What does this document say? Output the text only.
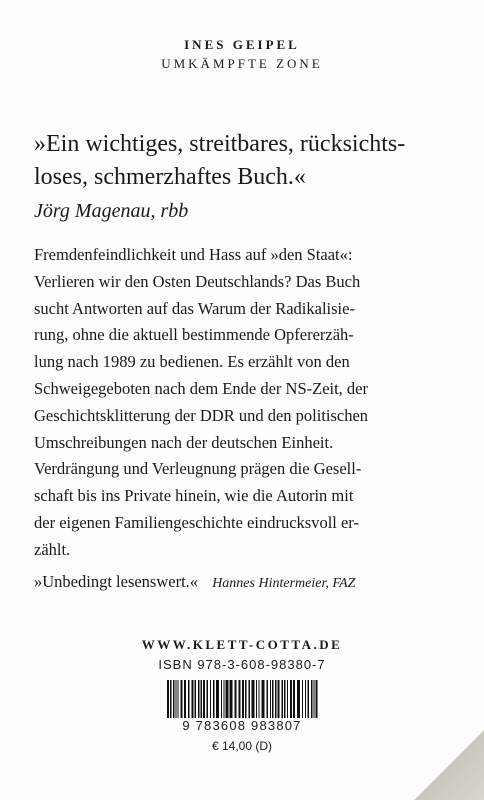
INES GEIPEL
UMKÄMPFTE ZONE
»Ein wichtiges, streitbares, rücksichts-
loses, schmerzhaftes Buch.«
Jörg Magenau, rbb
Fremdenfeindlichkeit und Hass auf »den Staat«:
Verlieren wir den Osten Deutschlands? Das Buch
sucht Antworten auf das Warum der Radikalisie-
rung, ohne die aktuell bestimmende Opfererzäh-
lung nach 1989 zu bedienen. Es erzählt von den
Schweigegeboten nach dem Ende der NS-Zeit, der
Geschichtsklitterung der DDR und den politischen
Umschreibungen nach der deutschen Einheit.
Verdrängung und Verleugnung prägen die Gesell-
schaft bis ins Private hinein, wie die Autorin mit
der eigenen Familiengeschichte eindrucksvoll er-
zählt.
»Unbedingt lesenswert.« Hannes Hintermeier, FAZ
WWW.KLETT-COTTA.DE
ISBN 978-3-608-98380-7
9 783608 983807
€ 14,00 (D)
